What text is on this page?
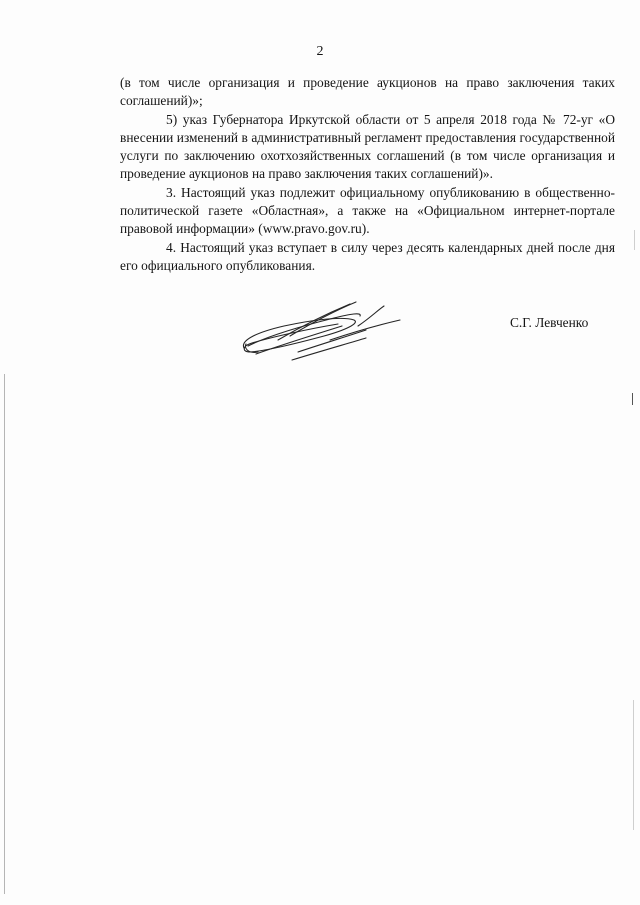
2

(в том числе организация и проведение аукционов на право заключения таких соглашений)»;

5) указ Губернатора Иркутской области от 5 апреля 2018 года № 72-уг «О внесении изменений в административный регламент предоставления государственной услуги по заключению охотхозяйственных соглашений (в том числе организация и проведение аукционов на право заключения таких соглашений)».

3. Настоящий указ подлежит официальному опубликованию в общественно-политической газете «Областная», а также на «Официальном интернет-портале правовой информации» (www.pravo.gov.ru).

4. Настоящий указ вступает в силу через десять календарных дней после дня его официального опубликования.

С.Г. Левченко
